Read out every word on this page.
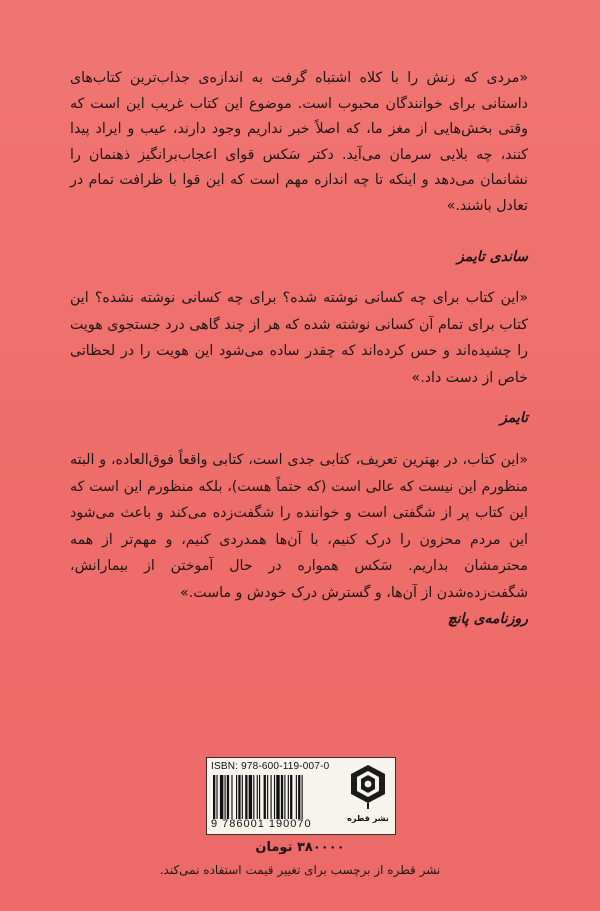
«مردی که زنش را با کلاه اشتباه گرفت به اندازه‌ی جذاب‌ترین کتاب‌های داستانی برای خوانندگان محبوب است. موضوع این کتاب غریب این است که وقتی بخش‌هایی از مغز ما، که اصلاً خبر نداریم وجود دارند، عیب و ایراد پیدا کنند، چه بلایی سرمان می‌آید. دکتر سَکس قوای اعجاب‌برانگیز ذهنمان را نشانمان می‌دهد و اینکه تا چه اندازه مهم است که این قوا با ظرافت تمام در تعادل باشند.»

ساندی تایمز

«این کتاب برای چه کسانی نوشته شده؟ برای چه کسانی نوشته نشده؟ این کتاب برای تمام آن کسانی نوشته شده که هر از چند گاهی درد جستجوی هویت را چشیده‌اند و حس کرده‌اند که چقدر ساده می‌شود این هویت را در لحظاتی خاص از دست داد.»

تایمز

«این کتاب، در بهترین تعریف، کتابی جدی است، کتابی واقعاً فوق‌العاده، و البته منظورم این نیست که عالی است (که حتماً هست)، بلکه منظورم این است که این کتاب پر از شگفتی است و خواننده را شگفت‌زده می‌کند و باعث می‌شود این مردم محزون را درک کنیم، با آن‌ها همدردی کنیم، و مهم‌تر از همه محترمشان بداریم. سَکس همواره در حال آموختن از بیمارانش، شگفت‌زده‌شدن از آن‌ها، و گسترش درک خودش و ماست.»

روزنامه‌ی پانچ
ISBN: 978-600-119-007-0
9 786001 190070	نشر قطره
۳۸۰۰۰۰ تومان
نشر قطره از برچسب برای تغییر قیمت استفاده نمی‌کند.
